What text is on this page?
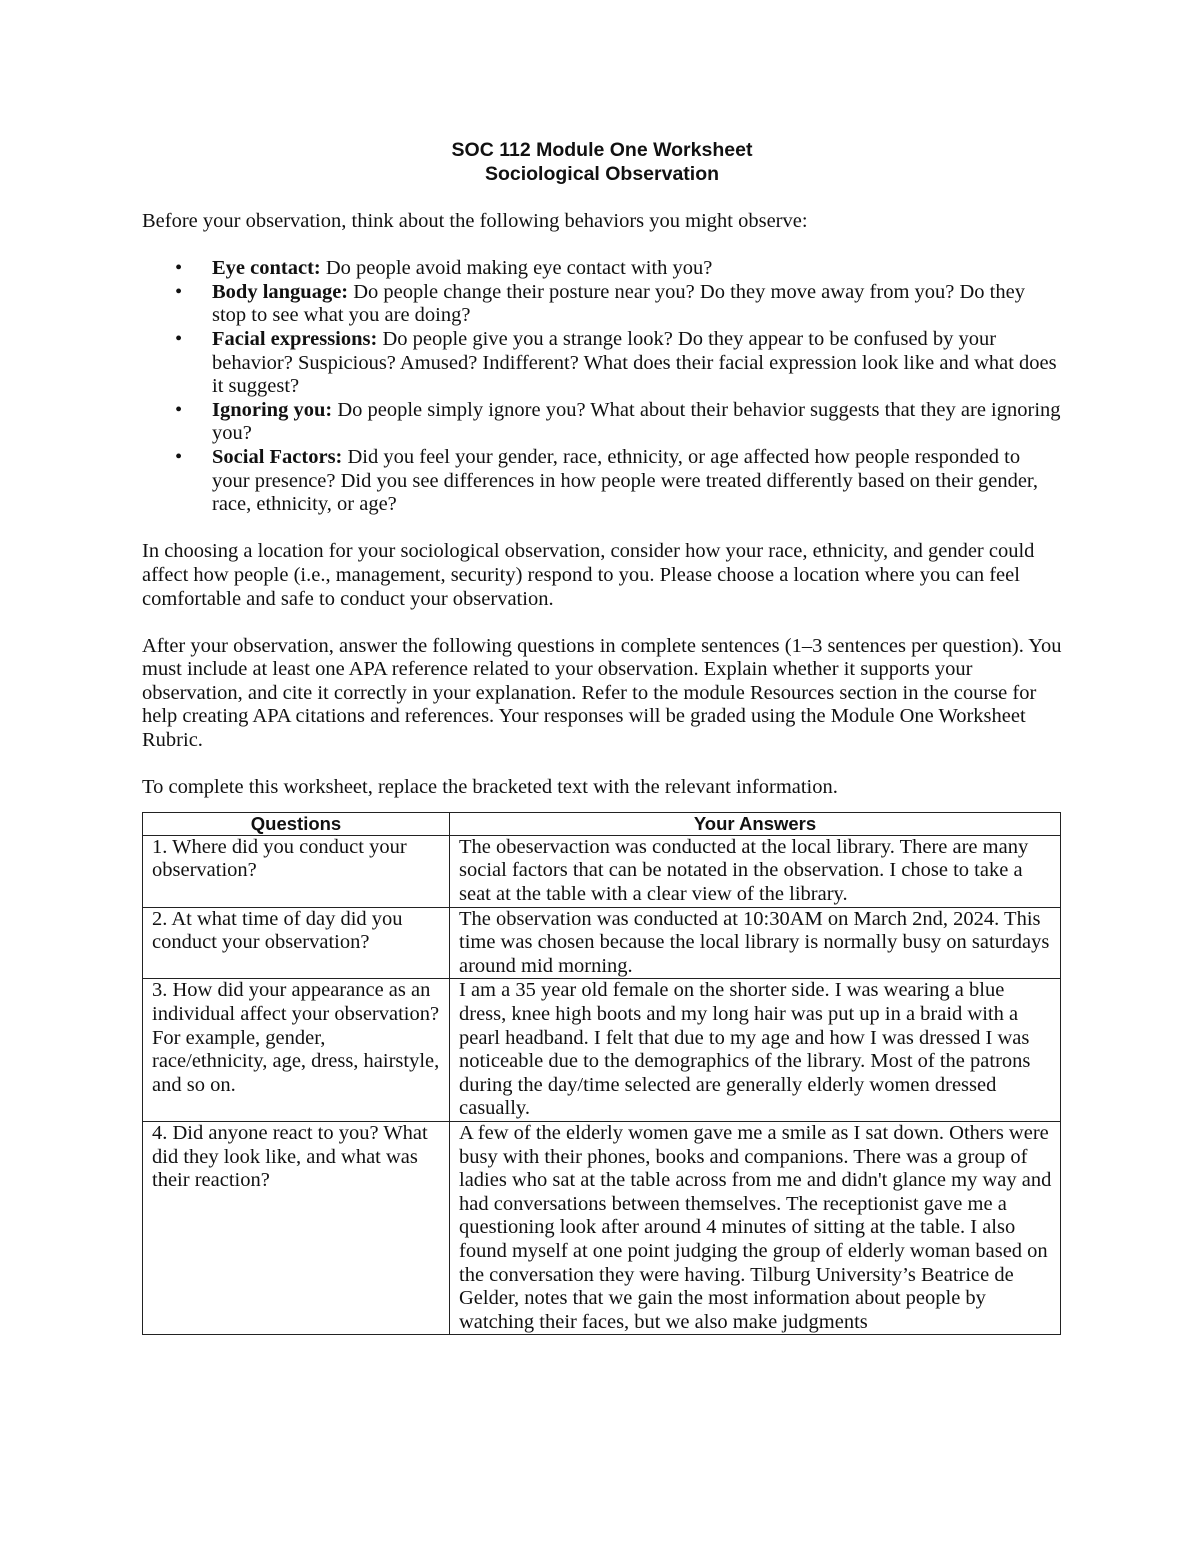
SOC 112 Module One Worksheet
Sociological Observation

Before your observation, think about the following behaviors you might observe:

• Eye contact: Do people avoid making eye contact with you?
• Body language: Do people change their posture near you? Do they move away from you? Do they stop to see what you are doing?
• Facial expressions: Do people give you a strange look? Do they appear to be confused by your behavior? Suspicious? Amused? Indifferent? What does their facial expression look like and what does it suggest?
• Ignoring you: Do people simply ignore you? What about their behavior suggests that they are ignoring you?
• Social Factors: Did you feel your gender, race, ethnicity, or age affected how people responded to your presence? Did you see differences in how people were treated differently based on their gender, race, ethnicity, or age?

In choosing a location for your sociological observation, consider how your race, ethnicity, and gender could affect how people (i.e., management, security) respond to you. Please choose a location where you can feel comfortable and safe to conduct your observation.

After your observation, answer the following questions in complete sentences (1–3 sentences per question). You must include at least one APA reference related to your observation. Explain whether it supports your observation, and cite it correctly in your explanation. Refer to the module Resources section in the course for help creating APA citations and references. Your responses will be graded using the Module One Worksheet Rubric.

To complete this worksheet, replace the bracketed text with the relevant information.

Questions	Your Answers
1. Where did you conduct your observation?	The obeservaction was conducted at the local library. There are many social factors that can be notated in the observation. I chose to take a seat at the table with a clear view of the library.
2. At what time of day did you conduct your observation?	The observation was conducted at 10:30AM on March 2nd, 2024. This time was chosen because the local library is normally busy on saturdays around mid morning.
3. How did your appearance as an individual affect your observation? For example, gender, race/ethnicity, age, dress, hairstyle, and so on.	I am a 35 year old female on the shorter side. I was wearing a blue dress, knee high boots and my long hair was put up in a braid with a pearl headband. I felt that due to my age and how I was dressed I was noticeable due to the demographics of the library. Most of the patrons during the day/time selected are generally elderly women dressed casually.
4. Did anyone react to you? What did they look like, and what was their reaction?	A few of the elderly women gave me a smile as I sat down. Others were busy with their phones, books and companions. There was a group of ladies who sat at the table across from me and didn't glance my way and had conversations between themselves. The receptionist gave me a questioning look after around 4 minutes of sitting at the table. I also found myself at one point judging the group of elderly woman based on the conversation they were having. Tilburg University’s Beatrice de Gelder, notes that we gain the most information about people by watching their faces, but we also make judgments
